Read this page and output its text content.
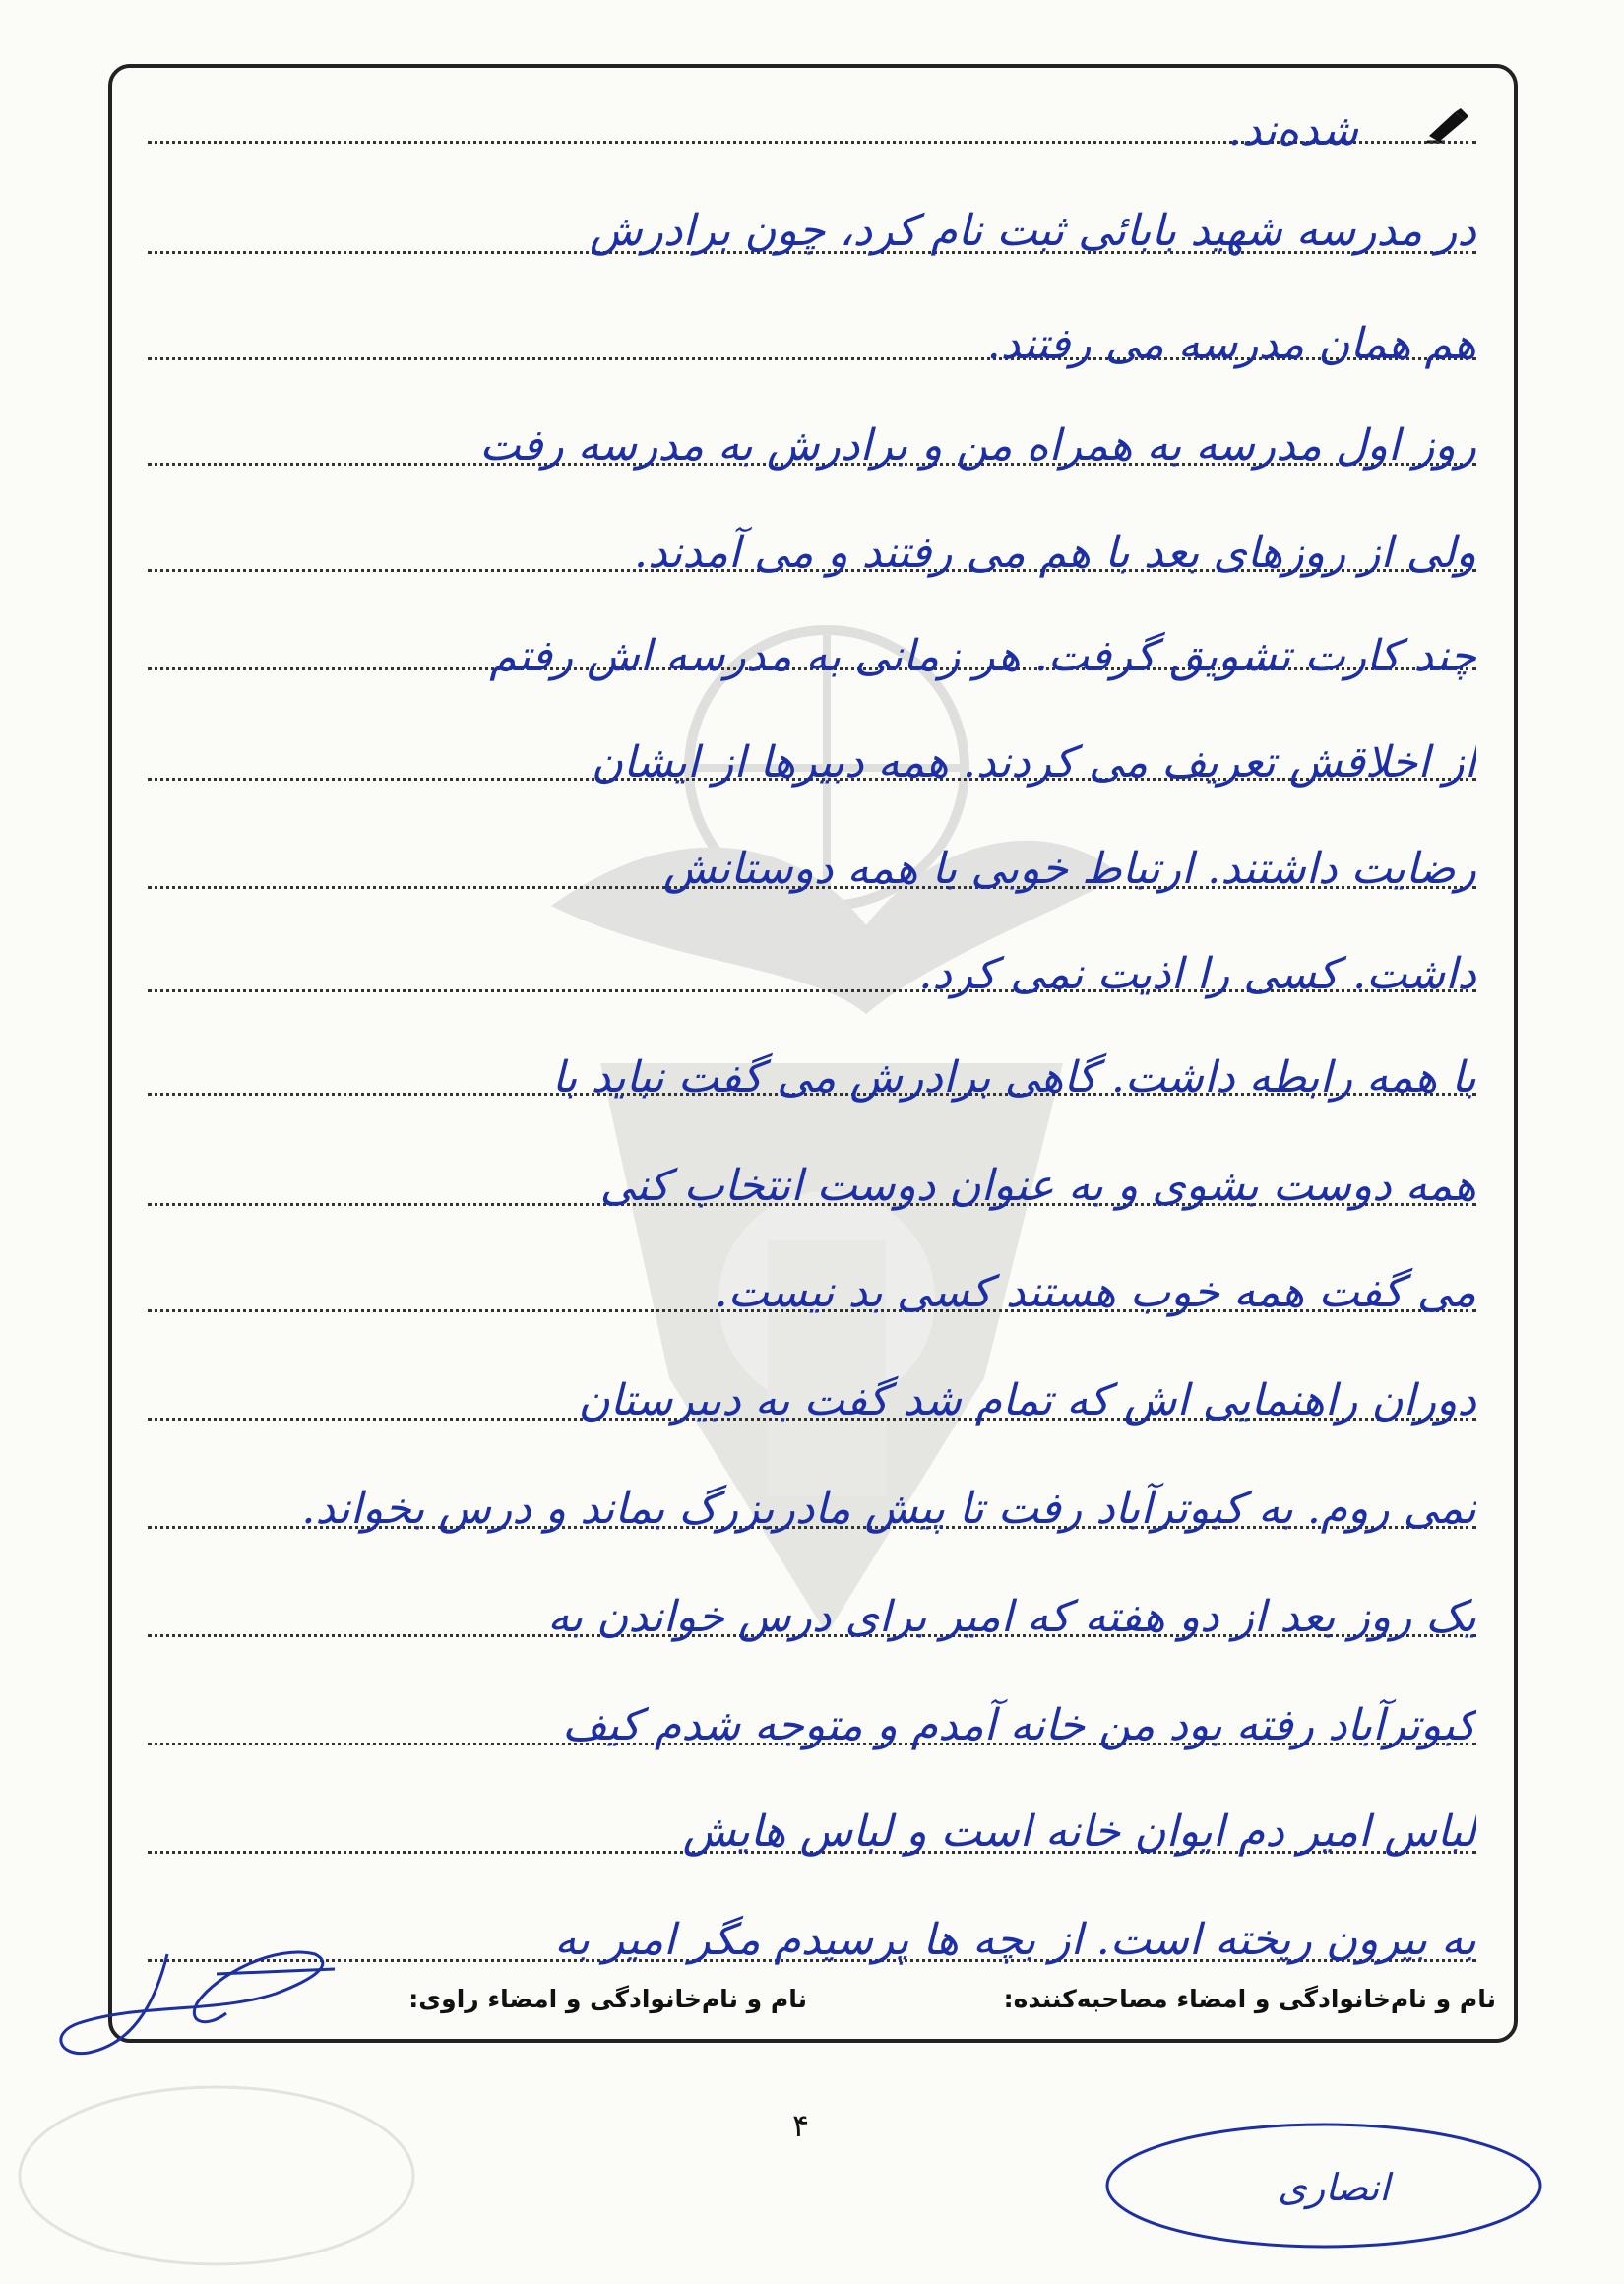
شده‌ند.
در مدرسه شهید بابائی ثبت نام کرد، چون برادرش
هم همان مدرسه می رفتند.
روز اول مدرسه به همراه من و برادرش به مدرسه رفت
ولی از روزهای بعد با هم می رفتند و می آمدند.
چند کارت تشویق گرفت. هر زمانی به مدرسه اش رفتم
از اخلاقش تعریف می کردند. همه دبیرها از ایشان
رضایت داشتند. ارتباط خوبی با همه دوستانش
داشت. کسی را اذیت نمی کرد.
با همه رابطه داشت. گاهی برادرش می گفت نباید با
همه دوست بشوی و به عنوان دوست انتخاب کنی
می گفت همه خوب هستند کسی بد نیست.
دوران راهنمایی اش که تمام شد گفت به دبیرستان
نمی روم. به کبوترآباد رفت تا پیش مادربزرگ بماند و درس بخواند.
یک روز بعد از دو هفته که امیر برای درس خواندن به
کبوترآباد رفته بود من خانه آمدم و متوجه شدم کیف
لباس امیر دم ایوان خانه است و لباس هایش
به بیرون ریخته است. از بچه ها پرسیدم مگر امیر به
نام و نام‌خانوادگی و امضاء مصاحبه‌کننده:
نام و نام‌خانوادگی و امضاء راوی:
انصاری
۴
